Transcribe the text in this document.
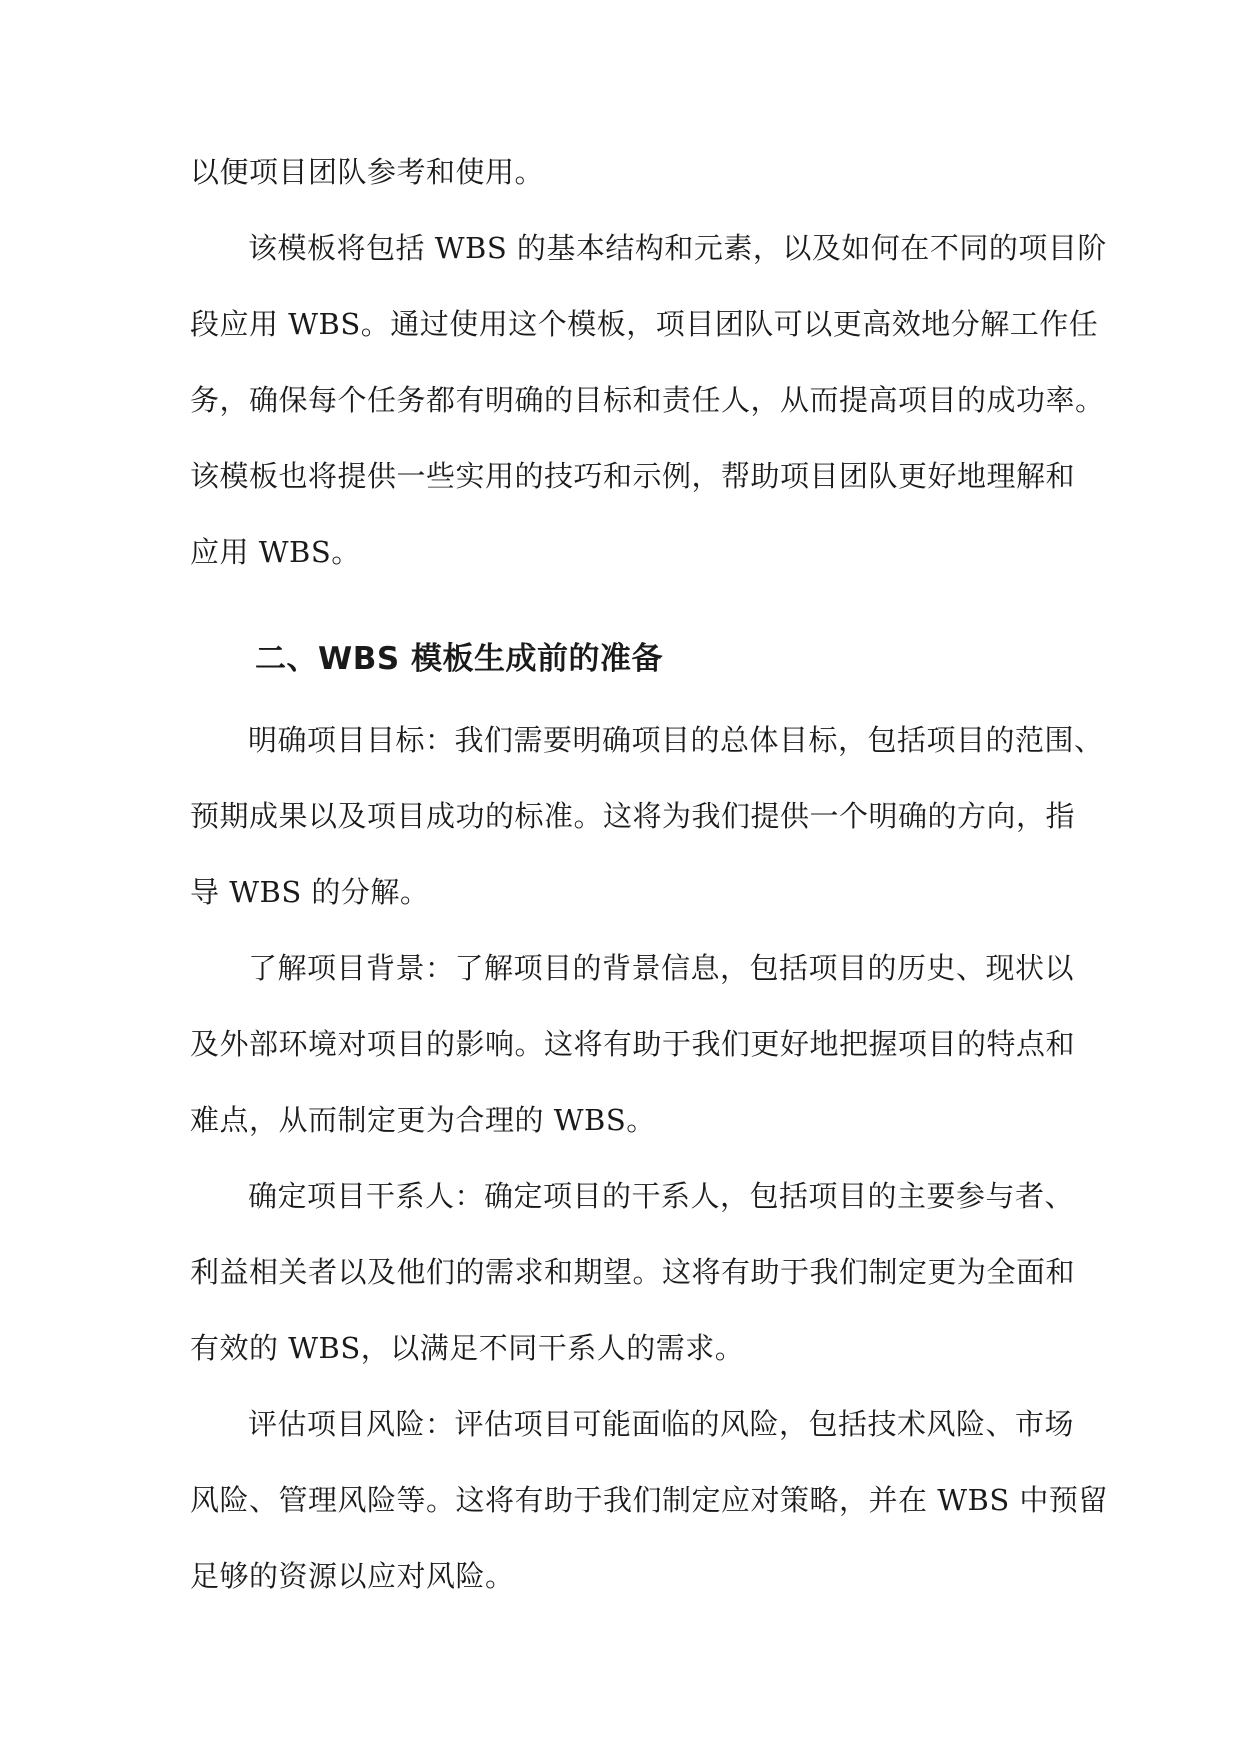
以便项目团队参考和使用。
该模板将包括 WBS 的基本结构和元素，以及如何在不同的项目阶
段应用 WBS。通过使用这个模板，项目团队可以更高效地分解工作任
务，确保每个任务都有明确的目标和责任人，从而提高项目的成功率。
该模板也将提供一些实用的技巧和示例，帮助项目团队更好地理解和
应用 WBS。
二、WBS 模板生成前的准备
明确项目目标：我们需要明确项目的总体目标，包括项目的范围、
预期成果以及项目成功的标准。这将为我们提供一个明确的方向，指
导 WBS 的分解。
了解项目背景：了解项目的背景信息，包括项目的历史、现状以
及外部环境对项目的影响。这将有助于我们更好地把握项目的特点和
难点，从而制定更为合理的 WBS。
确定项目干系人：确定项目的干系人，包括项目的主要参与者、
利益相关者以及他们的需求和期望。这将有助于我们制定更为全面和
有效的 WBS，以满足不同干系人的需求。
评估项目风险：评估项目可能面临的风险，包括技术风险、市场
风险、管理风险等。这将有助于我们制定应对策略，并在 WBS 中预留
足够的资源以应对风险。
